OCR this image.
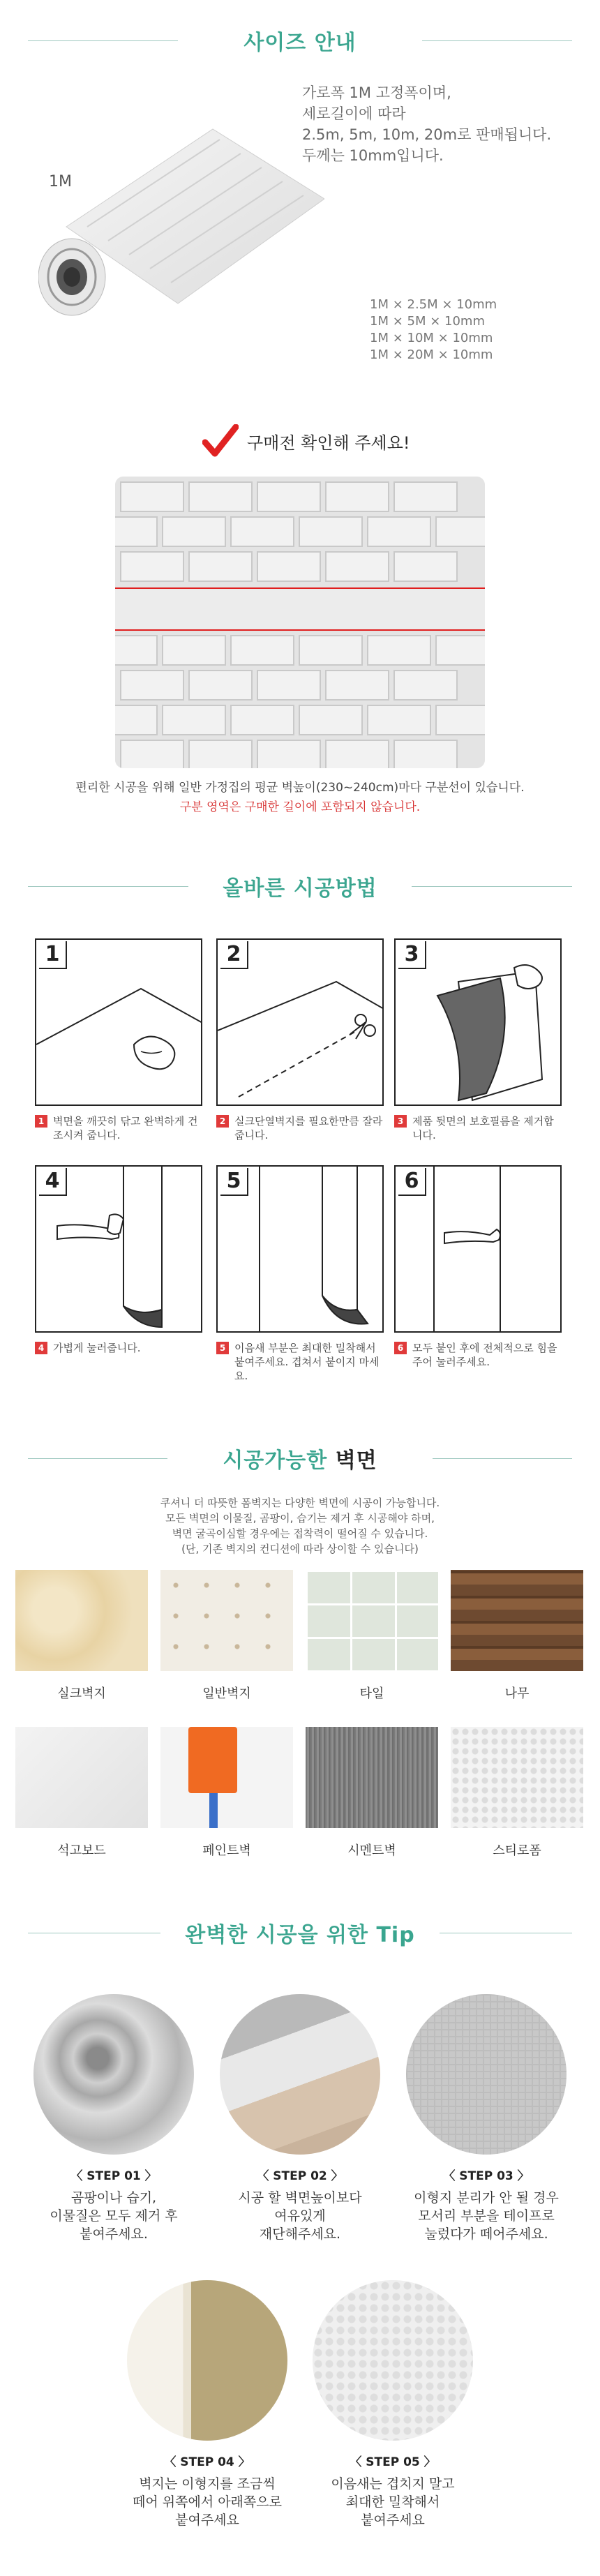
사이즈 안내
1M
가로폭 1M 고정폭이며,
세로길이에 따라
2.5m, 5m, 10m, 20m로 판매됩니다.
두께는 10mm입니다.
1M × 2.5M × 10mm
1M × 5M × 10mm
1M × 10M × 10mm
1M × 20M × 10mm
구매전 확인해 주세요!
편리한 시공을 위해 일반 가정집의 평균 벽높이(230~240cm)마다 구분선이 있습니다.
구분 영역은 구매한 길이에 포함되지 않습니다.
올바른 시공방법
1
1 벽면을 깨끗히 닦고 완벽하게 건조시켜 줍니다.
2
2 실크단열벽지를 필요한만큼 잘라줍니다.
3
3 제품 뒷면의 보호필름을 제거합니다.
4
4 가볍게 눌러줍니다.
5
5 이음새 부분은 최대한 밀착해서 붙여주세요. 겹쳐서 붙이지 마세요.
6
6 모두 붙인 후에 전체적으로 힘을 주어 눌러주세요.
시공가능한 벽면
쿠셔니 더 따뜻한 폼벽지는 다양한 벽면에 시공이 가능합니다.
모든 벽면의 이물질, 곰팡이, 습기는 제거 후 시공해야 하며,
벽면 굴곡이심할 경우에는 접착력이 떨어질 수 있습니다.
(단, 기존 벽지의 컨디션에 따라 상이할 수 있습니다)
실크벽지	일반벽지	타일	나무
석고보드	페인트벽	시멘트벽	스티로폼
완벽한 시공을 위한 Tip
〈 STEP 01 〉
곰팡이나 습기,
이물질은 모두 제거 후
붙여주세요.
〈 STEP 02 〉
시공 할 벽면높이보다
여유있게
재단해주세요.
〈 STEP 03 〉
이형지 분리가 안 될 경우
모서리 부분을 테이프로
눌렀다가 떼어주세요.
〈 STEP 04 〉
벽지는 이형지를 조금씩
떼어 위쪽에서 아래쪽으로
붙여주세요
〈 STEP 05 〉
이음새는 겹치지 말고
최대한 밀착해서
붙여주세요
